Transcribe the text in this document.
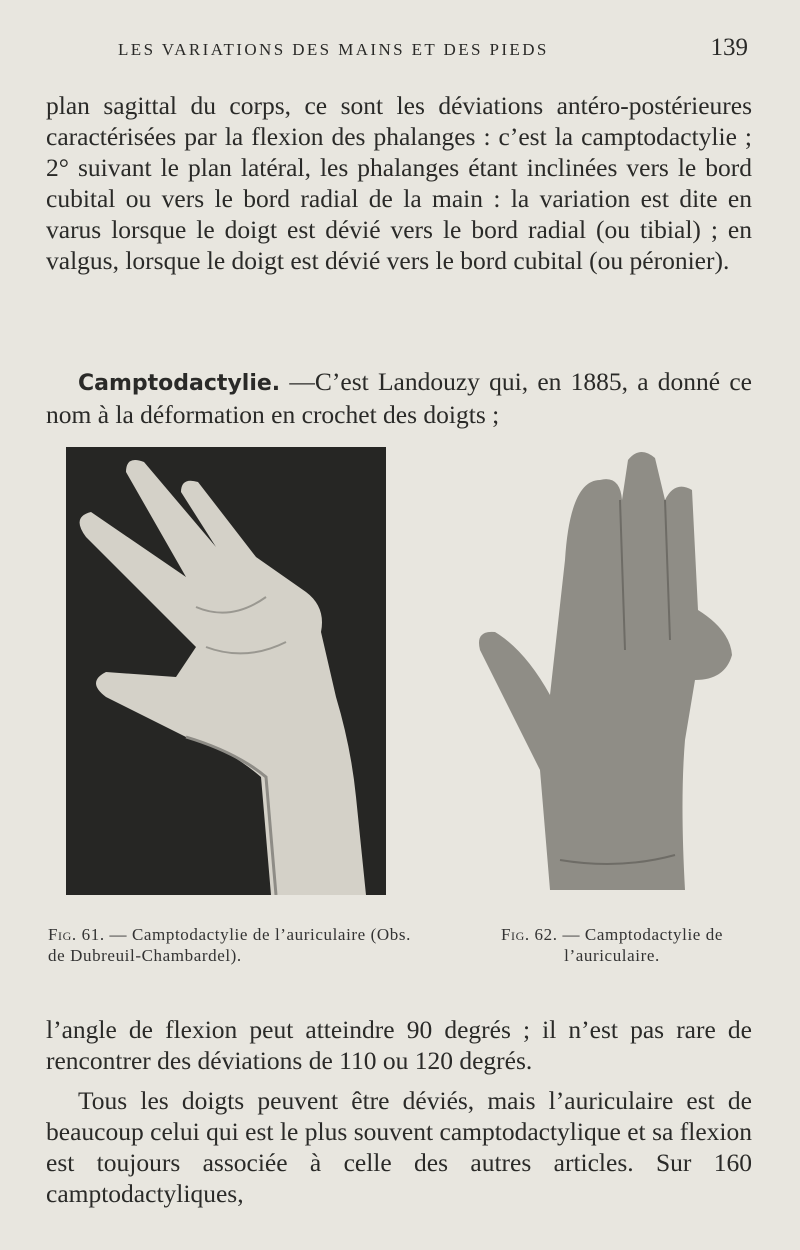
LES VARIATIONS DES MAINS ET DES PIEDS	139

plan sagittal du corps, ce sont les déviations antéro-postérieures caractérisées par la flexion des phalanges : c’est la camptodactylie ; 2° suivant le plan latéral, les phalanges étant inclinées vers le bord cubital ou vers le bord radial de la main : la variation est dite en varus lorsque le doigt est dévié vers le bord radial (ou tibial) ; en valgus, lorsque le doigt est dévié vers le bord cubital (ou péronier).

Camptodactylie. —C’est Landouzy qui, en 1885, a donné ce nom à la déformation en crochet des doigts ;

Fig. 61. — Camptodactylie de l’auriculaire (Obs. de Dubreuil-Chambardel).
Fig. 62. — Camptodactylie de l’auriculaire.

l’angle de flexion peut atteindre 90 degrés ; il n’est pas rare de rencontrer des déviations de 110 ou 120 degrés.

Tous les doigts peuvent être déviés, mais l’auriculaire est de beaucoup celui qui est le plus souvent camptodactylique et sa flexion est toujours associée à celle des autres articles. Sur 160 camptodactyliques,
